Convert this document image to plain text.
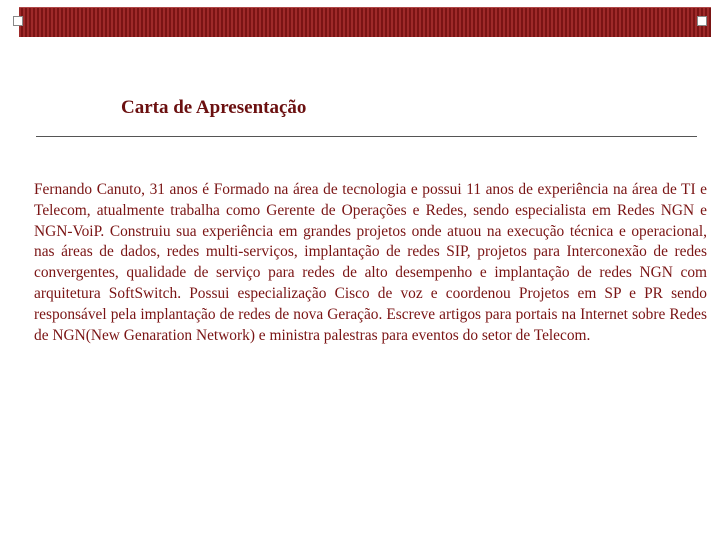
Carta de Apresentação

Fernando Canuto, 31 anos é Formado na área de tecnologia e possui 11 anos de experiência na área de TI e Telecom, atualmente trabalha como Gerente de Operações e Redes, sendo especialista em Redes NGN e NGN-VoiP. Construiu sua experiência em grandes projetos onde atuou na execução técnica e operacional, nas áreas de dados, redes multi-serviços, implantação de redes SIP, projetos para Interconexão de redes convergentes, qualidade de serviço para redes de alto desempenho e implantação de redes NGN com arquitetura SoftSwitch. Possui especialização Cisco de voz e coordenou Projetos em SP e PR sendo responsável pela implantação de redes de nova Geração. Escreve artigos para portais na Internet sobre Redes de NGN(New Genaration Network) e ministra palestras para eventos do setor de Telecom.
